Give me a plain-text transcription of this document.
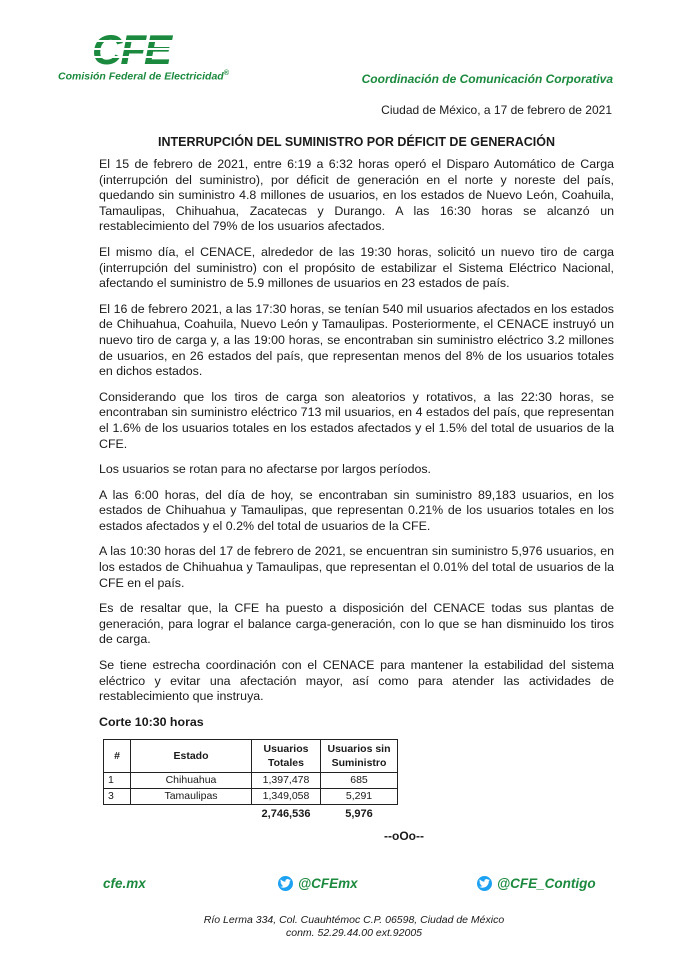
CFE
Comisión Federal de Electricidad®	Coordinación de Comunicación Corporativa
Ciudad de México, a 17 de febrero de 2021
INTERRUPCIÓN DEL SUMINISTRO POR DÉFICIT DE GENERACIÓN

El 15 de febrero de 2021, entre 6:19 a 6:32 horas operó el Disparo Automático de Carga (interrupción del suministro), por déficit de generación en el norte y noreste del país, quedando sin suministro 4.8 millones de usuarios, en los estados de Nuevo León, Coahuila, Tamaulipas, Chihuahua, Zacatecas y Durango. A las 16:30 horas se alcanzó un restablecimiento del 79% de los usuarios afectados.

El mismo día, el CENACE, alrededor de las 19:30 horas, solicitó un nuevo tiro de carga (interrupción del suministro) con el propósito de estabilizar el Sistema Eléctrico Nacional, afectando el suministro de 5.9 millones de usuarios en 23 estados de país.

El 16 de febrero 2021, a las 17:30 horas, se tenían 540 mil usuarios afectados en los estados de Chihuahua, Coahuila, Nuevo León y Tamaulipas. Posteriormente, el CENACE instruyó un nuevo tiro de carga y, a las 19:00 horas, se encontraban sin suministro eléctrico 3.2 millones de usuarios, en 26 estados del país, que representan menos del 8% de los usuarios totales en dichos estados.

Considerando que los tiros de carga son aleatorios y rotativos, a las 22:30 horas, se encontraban sin suministro eléctrico 713 mil usuarios, en 4 estados del país, que representan el 1.6% de los usuarios totales en los estados afectados y el 1.5% del total de usuarios de la CFE.

Los usuarios se rotan para no afectarse por largos períodos.

A las 6:00 horas, del día de hoy, se encontraban sin suministro 89,183 usuarios, en los estados de Chihuahua y Tamaulipas, que representan 0.21% de los usuarios totales en los estados afectados y el 0.2% del total de usuarios de la CFE.

A las 10:30 horas del 17 de febrero de 2021, se encuentran sin suministro 5,976 usuarios, en los estados de Chihuahua y Tamaulipas, que representan el 0.01% del total de usuarios de la CFE en el país.

Es de resaltar que, la CFE ha puesto a disposición del CENACE todas sus plantas de generación, para lograr el balance carga-generación, con lo que se han disminuido los tiros de carga.

Se tiene estrecha coordinación con el CENACE para mantener la estabilidad del sistema eléctrico y evitar una afectación mayor, así como para atender las actividades de restablecimiento que instruya.

Corte 10:30 horas
#	Estado	Usuarios Totales	Usuarios sin Suministro
1	Chihuahua	1,397,478	685
3	Tamaulipas	1,349,058	5,291
		2,746,536	5,976
--oOo--
cfe.mx	@CFEmx	@CFE_Contigo
Río Lerma 334, Col. Cuauhtémoc C.P. 06598, Ciudad de México
conm. 52.29.44.00 ext.92005
